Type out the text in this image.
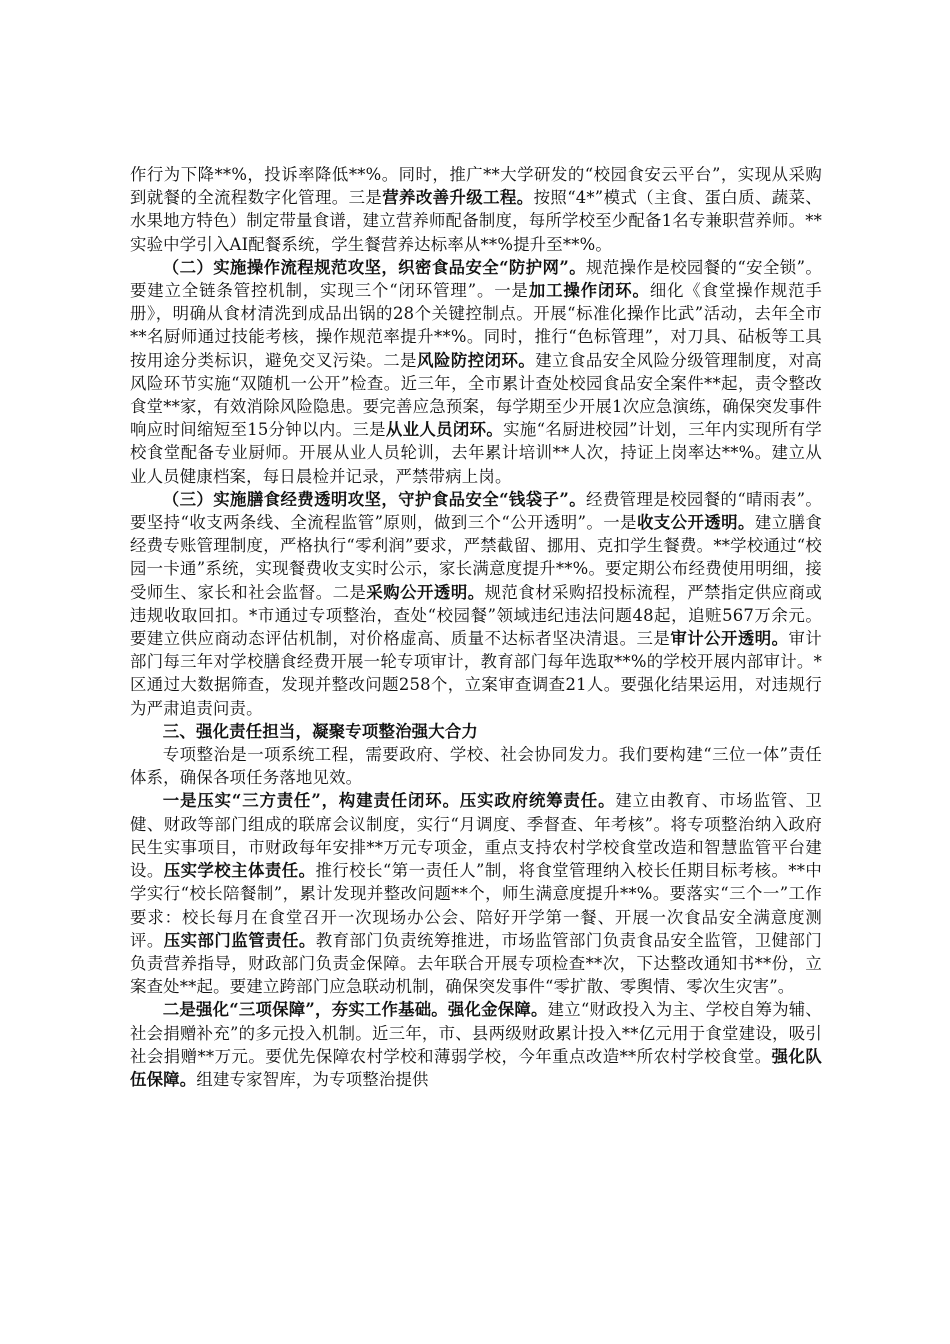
作行为下降**%，投诉率降低**%。同时，推广**大学研发的“校园食安云平台”，实现从采购到就餐的全流程数字化管理。三是营养改善升级工程。按照“4*”模式（主食、蛋白质、蔬菜、水果地方特色）制定带量食谱，建立营养师配备制度，每所学校至少配备1名专兼职营养师。**实验中学引入AI配餐系统，学生餐营养达标率从**%提升至**%。

（二）实施操作流程规范攻坚，织密食品安全“防护网”。规范操作是校园餐的“安全锁”。要建立全链条管控机制，实现三个“闭环管理”。一是加工操作闭环。细化《食堂操作规范手册》，明确从食材清洗到成品出锅的28个关键控制点。开展“标准化操作比武”活动，去年全市**名厨师通过技能考核，操作规范率提升**%。同时，推行“色标管理”，对刀具、砧板等工具按用途分类标识，避免交叉污染。二是风险防控闭环。建立食品安全风险分级管理制度，对高风险环节实施“双随机一公开”检查。近三年，全市累计查处校园食品安全案件**起，责令整改食堂**家，有效消除风险隐患。要完善应急预案，每学期至少开展1次应急演练，确保突发事件响应时间缩短至15分钟以内。三是从业人员闭环。实施“名厨进校园”计划，三年内实现所有学校食堂配备专业厨师。开展从业人员轮训，去年累计培训**人次，持证上岗率达**%。建立从业人员健康档案，每日晨检并记录，严禁带病上岗。

（三）实施膳食经费透明攻坚，守护食品安全“钱袋子”。经费管理是校园餐的“晴雨表”。要坚持“收支两条线、全流程监管”原则，做到三个“公开透明”。一是收支公开透明。建立膳食经费专账管理制度，严格执行“零利润”要求，严禁截留、挪用、克扣学生餐费。**学校通过“校园一卡通”系统，实现餐费收支实时公示，家长满意度提升**%。要定期公布经费使用明细，接受师生、家长和社会监督。二是采购公开透明。规范食材采购招投标流程，严禁指定供应商或违规收取回扣。*市通过专项整治，查处“校园餐”领域违纪违法问题48起，追赃567万余元。要建立供应商动态评估机制，对价格虚高、质量不达标者坚决清退。三是审计公开透明。审计部门每三年对学校膳食经费开展一轮专项审计，教育部门每年选取**%的学校开展内部审计。*区通过大数据筛查，发现并整改问题258个，立案审查调查21人。要强化结果运用，对违规行为严肃追责问责。

三、强化责任担当，凝聚专项整治强大合力

专项整治是一项系统工程，需要政府、学校、社会协同发力。我们要构建“三位一体”责任体系，确保各项任务落地见效。

一是压实“三方责任”，构建责任闭环。压实政府统筹责任。建立由教育、市场监管、卫健、财政等部门组成的联席会议制度，实行“月调度、季督查、年考核”。将专项整治纳入政府民生实事项目，市财政每年安排**万元专项金，重点支持农村学校食堂改造和智慧监管平台建设。压实学校主体责任。推行校长“第一责任人”制，将食堂管理纳入校长任期目标考核。**中学实行“校长陪餐制”，累计发现并整改问题**个，师生满意度提升**%。要落实“三个一”工作要求：校长每月在食堂召开一次现场办公会、陪好开学第一餐、开展一次食品安全满意度测评。压实部门监管责任。教育部门负责统筹推进，市场监管部门负责食品安全监管，卫健部门负责营养指导，财政部门负责金保障。去年联合开展专项检查**次，下达整改通知书**份，立案查处**起。要建立跨部门应急联动机制，确保突发事件“零扩散、零舆情、零次生灾害”。

二是强化“三项保障”，夯实工作基础。强化金保障。建立“财政投入为主、学校自筹为辅、社会捐赠补充”的多元投入机制。近三年，市、县两级财政累计投入**亿元用于食堂建设，吸引社会捐赠**万元。要优先保障农村学校和薄弱学校，今年重点改造**所农村学校食堂。强化队伍保障。组建专家智库，为专项整治提供
